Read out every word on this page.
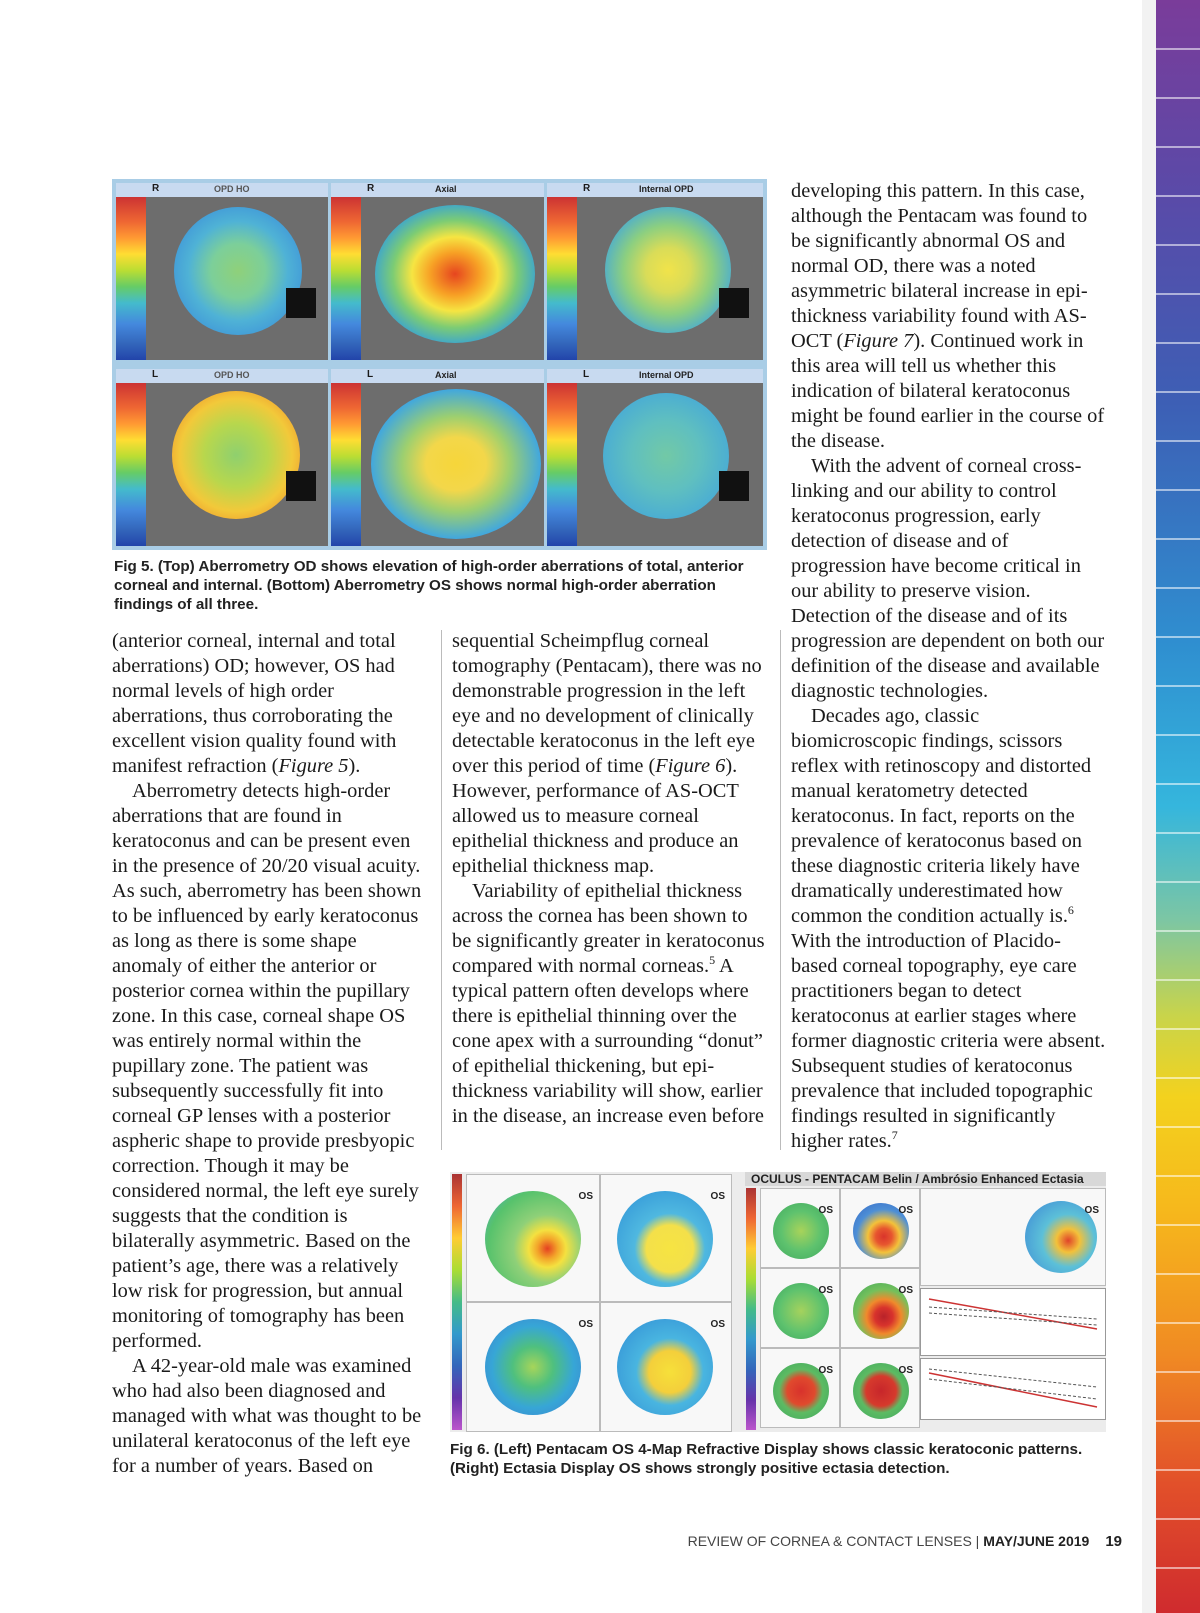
R	OPD HO	R	Axial	R	Internal OPD
L	OPD HO	L	Axial	L	Internal OPD
Fig 5. (Top) Aberrometry OD shows elevation of high-order aberrations of total, anterior corneal and internal. (Bottom) Aberrometry OS shows normal high-order aberration findings of all three.

(anterior corneal, internal and total aberrations) OD; however, OS had normal levels of high order aberrations, thus corroborating the excellent vision quality found with manifest refraction (Figure 5).

Aberrometry detects high-order aberrations that are found in keratoconus and can be present even in the presence of 20/20 visual acuity. As such, aberrometry has been shown to be influenced by early keratoconus as long as there is some shape anomaly of either the anterior or posterior cornea within the pupillary zone. In this case, corneal shape OS was entirely normal within the pupillary zone. The patient was subsequently successfully fit into corneal GP lenses with a posterior aspheric shape to provide presbyopic correction. Though it may be considered normal, the left eye surely suggests that the condition is bilaterally asymmetric. Based on the patient’s age, there was a relatively low risk for progression, but annual monitoring of tomography has been performed.

A 42-year-old male was examined who had also been diagnosed and managed with what was thought to be unilateral keratoconus of the left eye for a number of years. Based on

sequential Scheimpflug corneal tomography (Pentacam), there was no demonstrable progression in the left eye and no development of clinically detectable keratoconus in the left eye over this period of time (Figure 6). However, performance of AS-OCT allowed us to measure corneal epithelial thickness and produce an epithelial thickness map.

Variability of epithelial thickness across the cornea has been shown to be significantly greater in keratoconus compared with normal corneas.$^5$ A typical pattern often develops where there is epithelial thinning over the cone apex with a surrounding “donut” of epithelial thickening, but epi-thickness variability will show, earlier in the disease, an increase even before

developing this pattern. In this case, although the Pentacam was found to be significantly abnormal OS and normal OD, there was a noted asymmetric bilateral increase in epi-thickness variability found with AS-OCT (Figure 7). Continued work in this area will tell us whether this indication of bilateral keratoconus might be found earlier in the course of the disease.

With the advent of corneal cross-linking and our ability to control keratoconus progression, early detection of disease and of progression have become critical in our ability to preserve vision. Detection of the disease and of its progression are dependent on both our definition of the disease and available diagnostic technologies.

Decades ago, classic biomicroscopic findings, scissors reflex with retinoscopy and distorted manual keratometry detected keratoconus. In fact, reports on the prevalence of keratoconus based on these diagnostic criteria likely have dramatically underestimated how common the condition actually is.$^6$ With the introduction of Placido-based corneal topography, eye care practitioners began to detect keratoconus at earlier stages where former diagnostic criteria were absent. Subsequent studies of keratoconus prevalence that included topographic findings resulted in significantly higher rates.$^7$

OS	OS
OS	OS
OCULUS - PENTACAM Belin / Ambrósio Enhanced Ectasia
OS	OS
OS	OS
OS	OS
OS
Fig 6. (Left) Pentacam OS 4-Map Refractive Display shows classic keratoconic patterns. (Right) Ectasia Display OS shows strongly positive ectasia detection.
REVIEW OF CORNEA & CONTACT LENSES | MAY/JUNE 2019 19
